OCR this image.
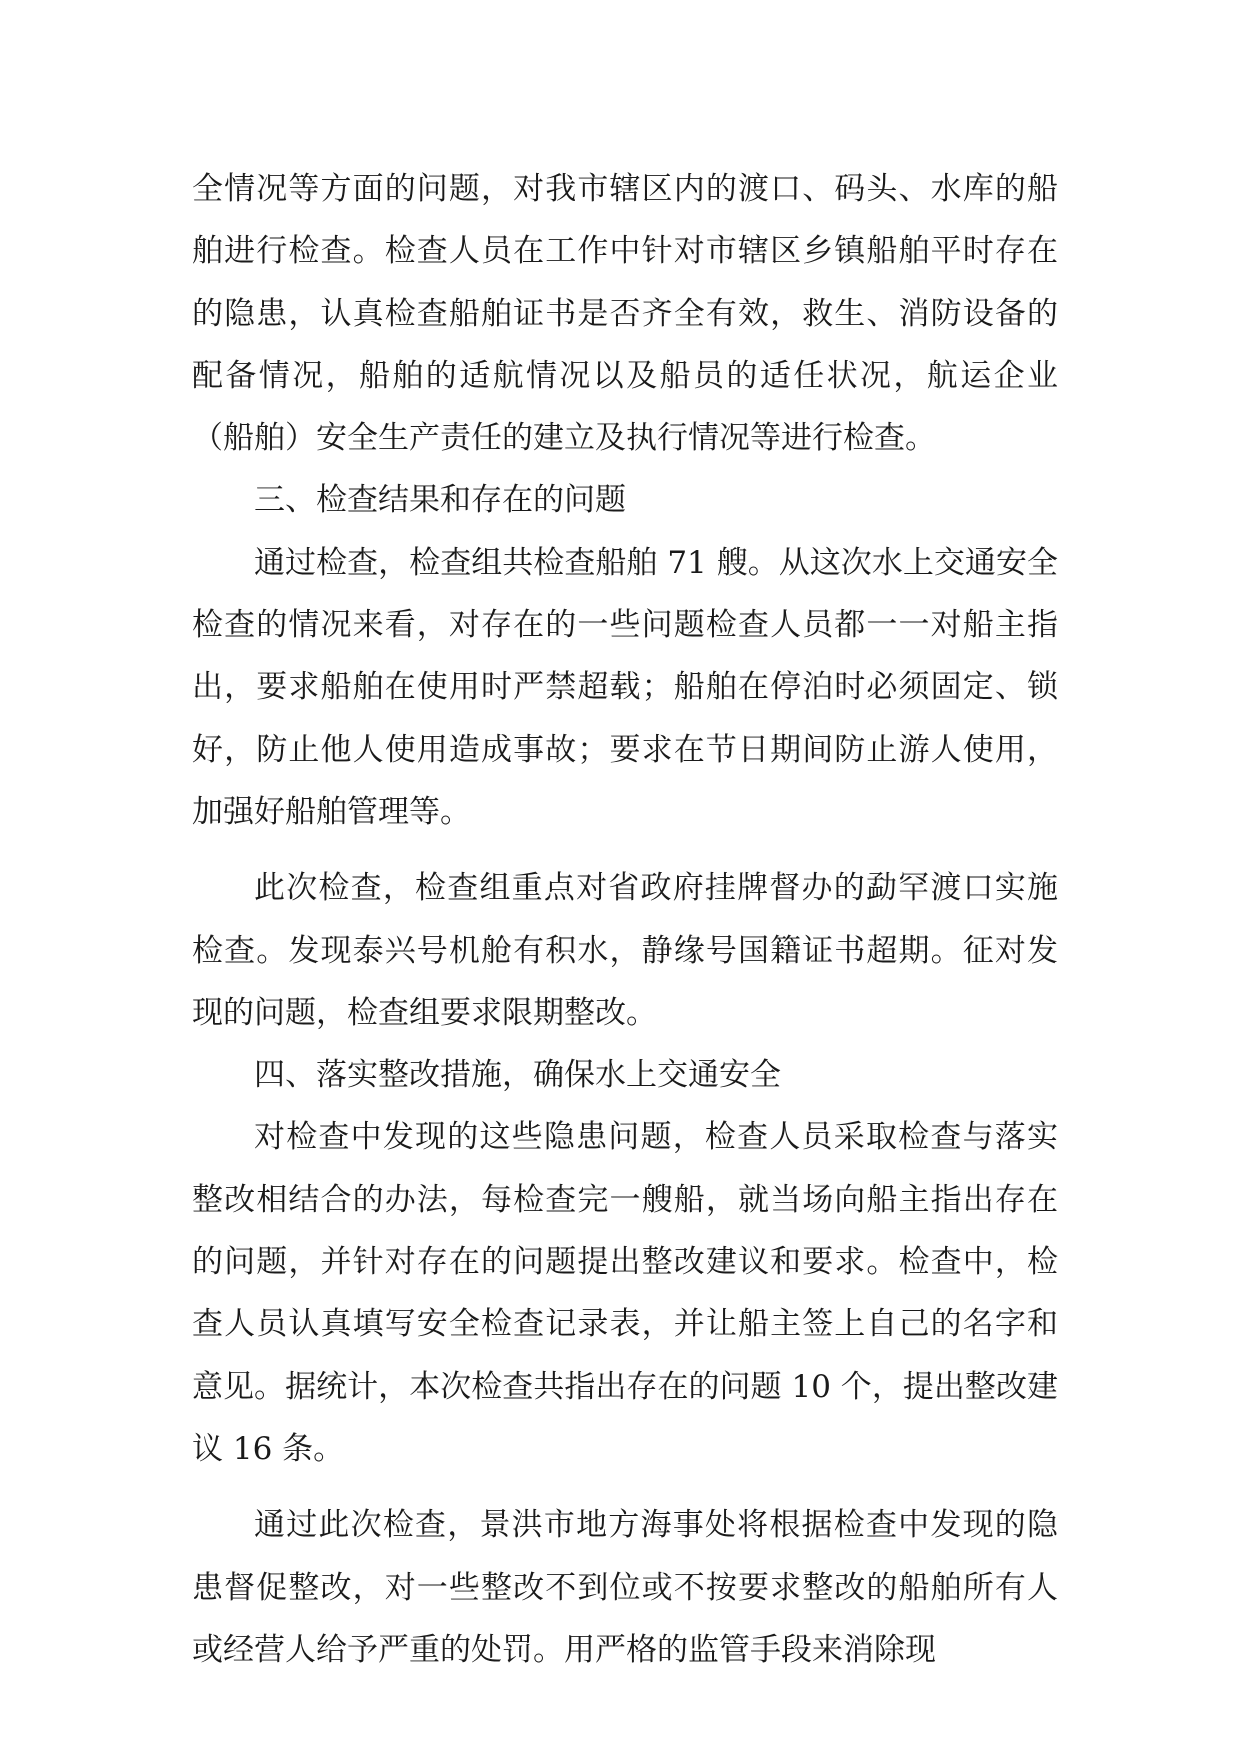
全情况等方面的问题，对我市辖区内的渡口、码头、水库的船舶进行检查。检查人员在工作中针对市辖区乡镇船舶平时存在的隐患，认真检查船舶证书是否齐全有效，救生、消防设备的配备情况，船舶的适航情况以及船员的适任状况，航运企业（船舶）安全生产责任的建立及执行情况等进行检查。

三、检查结果和存在的问题

通过检查，检查组共检查船舶 71 艘。从这次水上交通安全检查的情况来看，对存在的一些问题检查人员都一一对船主指出，要求船舶在使用时严禁超载；船舶在停泊时必须固定、锁好，防止他人使用造成事故；要求在节日期间防止游人使用，加强好船舶管理等。

此次检查，检查组重点对省政府挂牌督办的勐罕渡口实施检查。发现泰兴号机舱有积水，静缘号国籍证书超期。征对发现的问题，检查组要求限期整改。

四、落实整改措施，确保水上交通安全

对检查中发现的这些隐患问题，检查人员采取检查与落实整改相结合的办法，每检查完一艘船，就当场向船主指出存在的问题，并针对存在的问题提出整改建议和要求。检查中，检查人员认真填写安全检查记录表，并让船主签上自己的名字和意见。据统计，本次检查共指出存在的问题 10 个，提出整改建议 16 条。

通过此次检查，景洪市地方海事处将根据检查中发现的隐患督促整改，对一些整改不到位或不按要求整改的船舶所有人或经营人给予严重的处罚。用严格的监管手段来消除现
